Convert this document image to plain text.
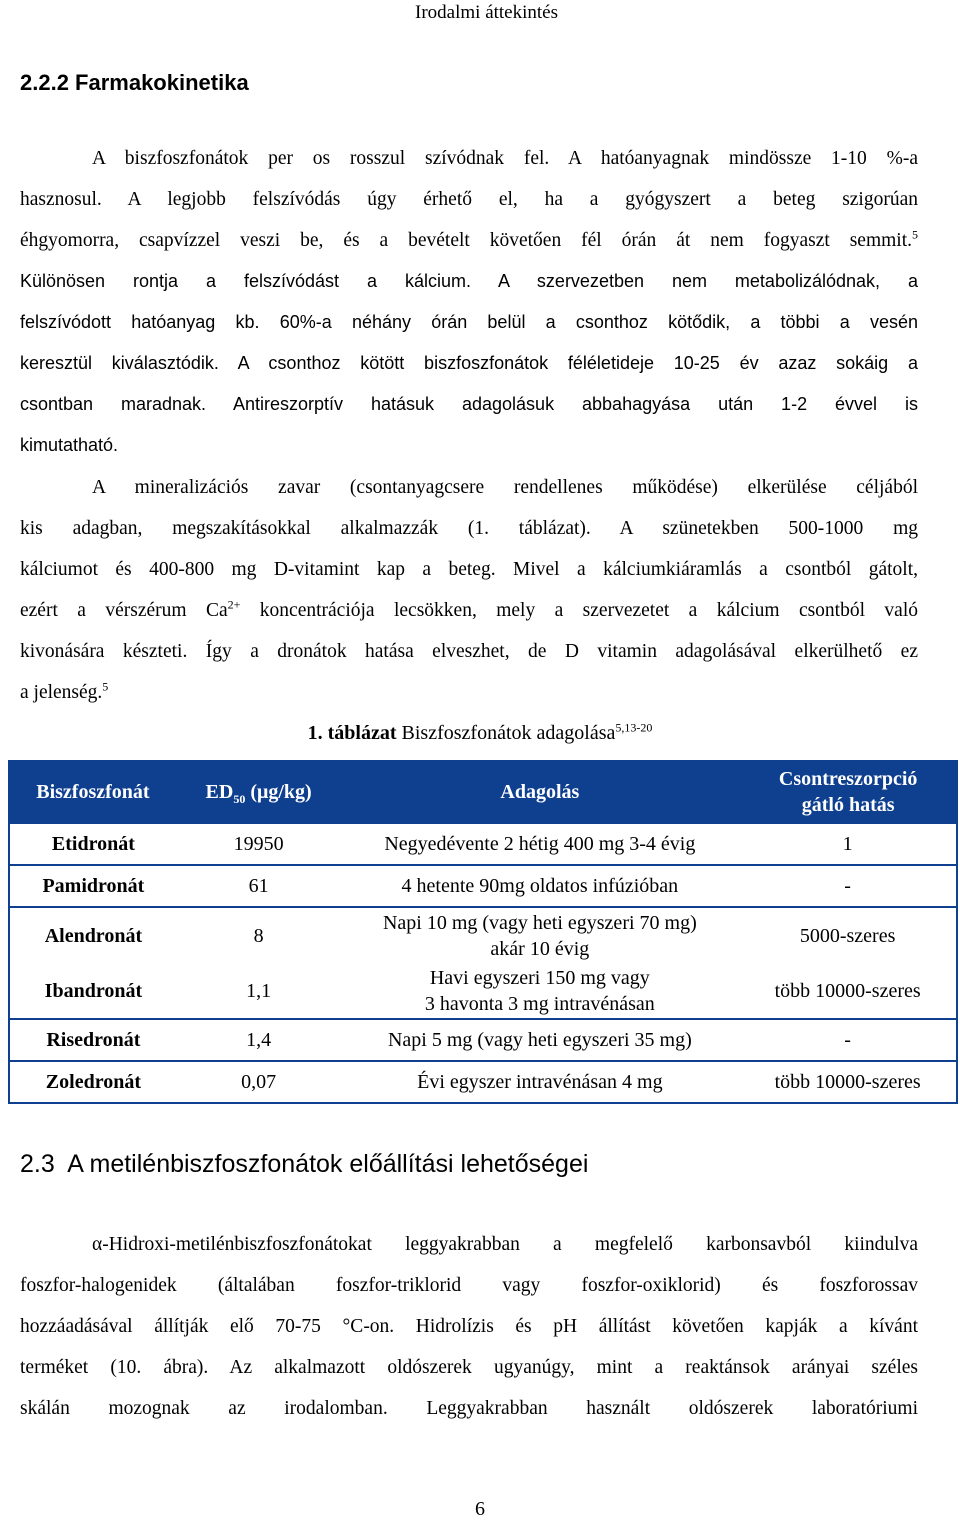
Irodalmi áttekintés
2.2.2 Farmakokinetika
A biszfoszfonátok per os rosszul szívódnak fel. A hatóanyagnak mindössze 1-10 %-a
hasznosul. A legjobb felszívódás úgy érhető el, ha a gyógyszert a beteg szigorúan
éhgyomorra, csapvízzel veszi be, és a bevételt követően fél órán át nem fogyaszt semmit.$^5$
Különösen rontja a felszívódást a kálcium. A szervezetben nem metabolizálódnak, a
felszívódott hatóanyag kb. 60%-a néhány órán belül a csonthoz kötődik, a többi a vesén
keresztül kiválasztódik. A csonthoz kötött biszfoszfonátok féléletideje 10-25 év azaz sokáig a
csontban maradnak. Antireszorptív hatásuk adagolásuk abbahagyása után 1-2 évvel is
kimutatható.
A mineralizációs zavar (csontanyagcsere rendellenes működése) elkerülése céljából
kis adagban, megszakításokkal alkalmazzák (1. táblázat). A szünetekben 500-1000 mg
kálciumot és 400-800 mg D-vitamint kap a beteg. Mivel a kálciumkiáramlás a csontból gátolt,
ezért a vérszérum $Ca^{2+}$ koncentrációja lecsökken, mely a szervezetet a kálcium csontból való
kivonására készteti. Így a dronátok hatása elveszhet, de D vitamin adagolásával elkerülhető ez
a jelenség.$^5$
1. táblázat Biszfoszfonátok adagolása$^{5,13-20}$
Biszfoszfonát	$ED_{50}$ (μg/kg)	Adagolás	Csontreszorpció
gátló hatás

Etidronát	19950	Negyedévente 2 hétig 400 mg 3-4 évig	1
Pamidronát	61	4 hetente 90mg oldatos infúzióban	-
Alendronát	8	Napi 10 mg (vagy heti egyszeri 70 mg)
akár 10 évig	5000-szeres
Ibandronát	1,1	Havi egyszeri 150 mg vagy
3 havonta 3 mg intravénásan	több 10000-szeres
Risedronát	1,4	Napi 5 mg (vagy heti egyszeri 35 mg)	-
Zoledronát	0,07	Évi egyszer intravénásan 4 mg	több 10000-szeres
2.3  A metilénbiszfoszfonátok előállítási lehetőségei
α-Hidroxi-metilénbiszfoszfonátokat leggyakrabban a megfelelő karbonsavból kiindulva
foszfor-halogenidek (általában foszfor-triklorid vagy foszfor-oxiklorid) és foszforossav
hozzáadásával állítják elő 70-75 °C-on. Hidrolízis és pH állítást követően kapják a kívánt
terméket (10. ábra). Az alkalmazott oldószerek ugyanúgy, mint a reaktánsok arányai széles
skálán mozognak az irodalomban. Leggyakrabban használt oldószerek laboratóriumi
6
